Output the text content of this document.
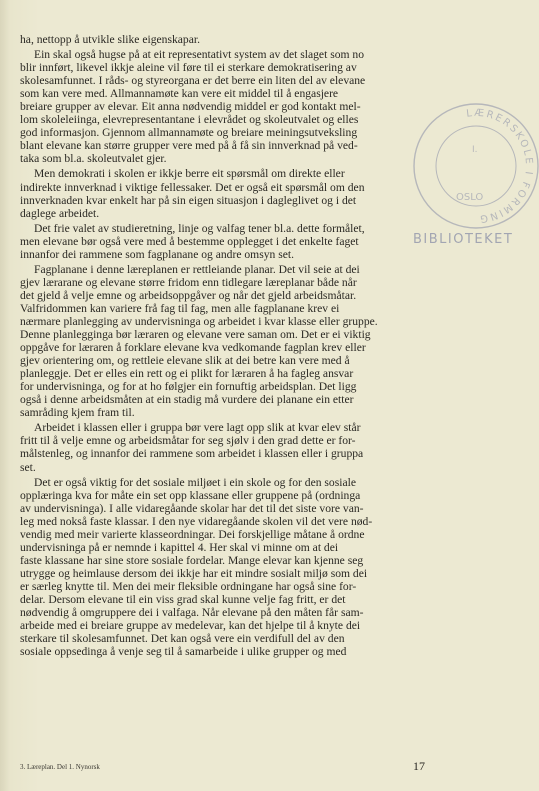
ha, nettopp å utvikle slike eigenskapar.
Ein skal også hugse på at eit representativt system av det slaget som no
blir innført, likevel ikkje aleine vil føre til ei sterkare demokratisering av
skolesamfunnet. I råds- og styreorgana er det berre ein liten del av elevane
som kan vere med. Allmannamøte kan vere eit middel til å engasjere
breiare grupper av elevar. Eit anna nødvendig middel er god kontakt mel-
lom skoleleiinga, elevrepresentantane i elevrådet og skoleutvalet og elles
god informasjon. Gjennom allmannamøte og breiare meiningsutveksling
blant elevane kan større grupper vere med på å få sin innverknad på ved-
taka som bl.a. skoleutvalet gjer.
Men demokrati i skolen er ikkje berre eit spørsmål om direkte eller
indirekte innverknad i viktige fellessaker. Det er også eit spørsmål om den
innverknaden kvar enkelt har på sin eigen situasjon i dagleglivet og i det
daglege arbeidet.
Det frie valet av studieretning, linje og valfag tener bl.a. dette formålet,
men elevane bør også vere med å bestemme opplegget i det enkelte faget
innanfor dei rammene som fagplanane og andre omsyn set.
Fagplanane i denne læreplanen er rettleiande planar. Det vil seie at dei
gjev lærarane og elevane større fridom enn tidlegare læreplanar både når
det gjeld å velje emne og arbeidsoppgåver og når det gjeld arbeidsmåtar.
Valfridommen kan variere frå fag til fag, men alle fagplanane krev ei
nærmare planlegging av undervisninga og arbeidet i kvar klasse eller gruppe.
Denne planlegginga bør læraren og elevane vere saman om. Det er ei viktig
oppgåve for læraren å forklare elevane kva vedkomande fagplan krev eller
gjev orientering om, og rettleie elevane slik at dei betre kan vere med å
planleggje. Det er elles ein rett og ei plikt for læraren å ha fagleg ansvar
for undervisninga, og for at ho følgjer ein fornuftig arbeidsplan. Det ligg
også i denne arbeidsmåten at ein stadig må vurdere dei planane ein etter
samråding kjem fram til.
Arbeidet i klassen eller i gruppa bør vere lagt opp slik at kvar elev står
fritt til å velje emne og arbeidsmåtar for seg sjølv i den grad dette er for-
målstenleg, og innanfor dei rammene som arbeidet i klassen eller i gruppa
set.
Det er også viktig for det sosiale miljøet i ein skole og for den sosiale
opplæringa kva for måte ein set opp klassane eller gruppene på (ordninga
av undervisninga). I alle vidaregåande skolar har det til det siste vore van-
leg med nokså faste klassar. I den nye vidaregåande skolen vil det vere nød-
vendig med meir varierte klasseordningar. Dei forskjellige måtane å ordne
undervisninga på er nemnde i kapittel 4. Her skal vi minne om at dei
faste klassane har sine store sosiale fordelar. Mange elevar kan kjenne seg
utrygge og heimlause dersom dei ikkje har eit mindre sosialt miljø som dei
er særleg knytte til. Men dei meir fleksible ordningane har også sine for-
delar. Dersom elevane til ein viss grad skal kunne velje fag fritt, er det
nødvendig å omgruppere dei i valfaga. Når elevane på den måten får sam-
arbeide med ei breiare gruppe av medelevar, kan det hjelpe til å knyte dei
sterkare til skolesamfunnet. Det kan også vere ein verdifull del av den
sosiale oppsedinga å venje seg til å samarbeide i ulike grupper og med
LÆRERSKOLE I FORMING
I.
OSLO
BIBLIOTEKET
3. Læreplan. Del 1. Nynorsk	17
